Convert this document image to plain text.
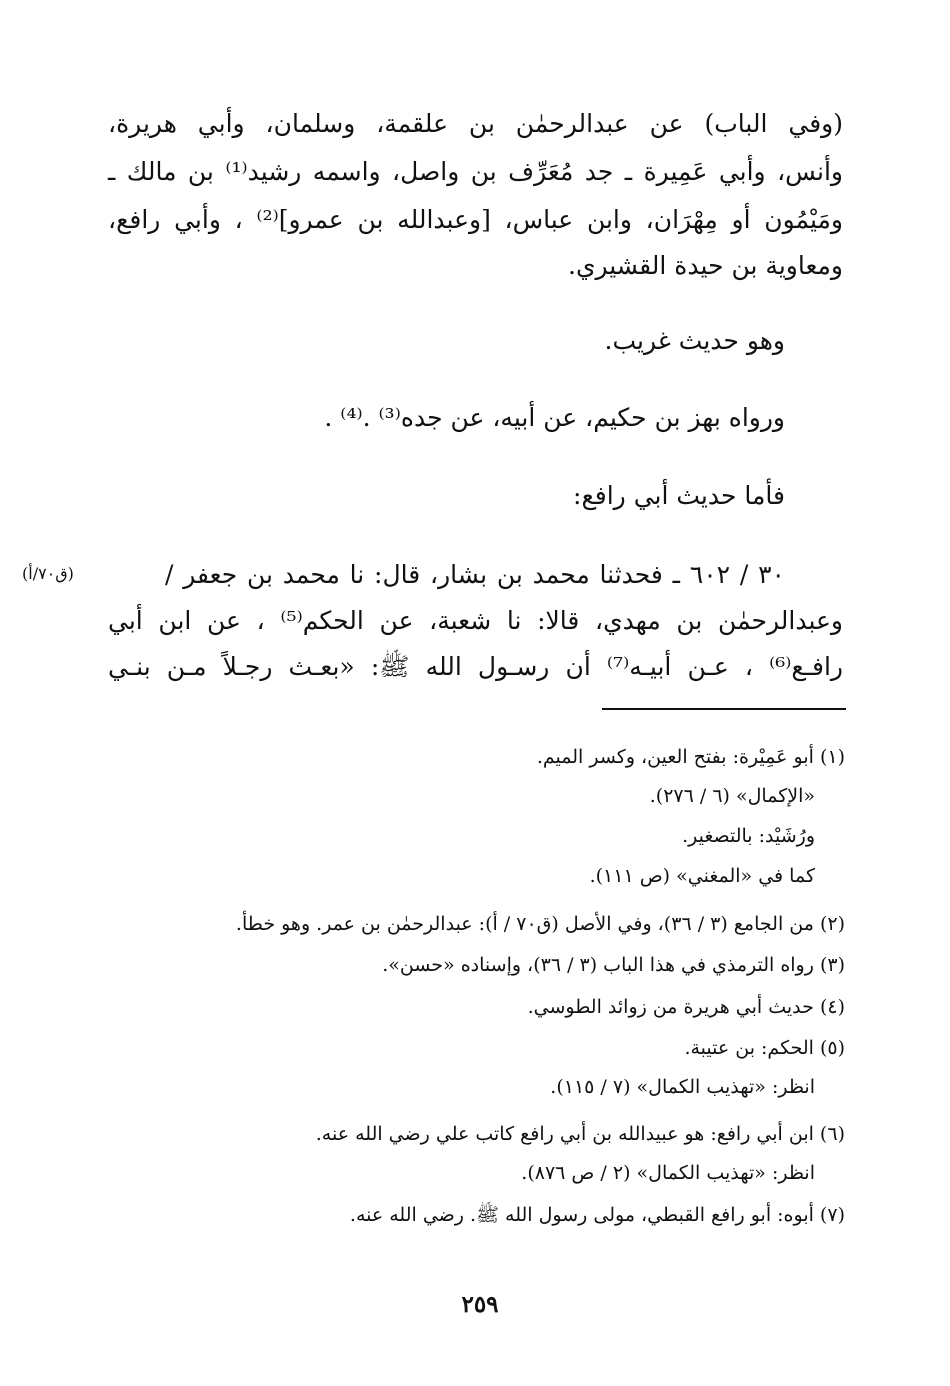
(وفي الباب) عن عبدالرحمٰن بن علقمة، وسلمان، وأبي هريرة،
وأنس، وأبي عَمِيرة ـ جد مُعَرِّف بن واصل، واسمه رشيد⁽¹⁾ بن مالك ـ
ومَيْمُون أو مِهْرَان، وابن عباس، [وعبدالله بن عمرو]⁽²⁾ ، وأبي رافع،
ومعاوية بن حيدة القشيري.
وهو حديث غريب.
ورواه بهز بن حكيم، عن أبيه، عن جده⁽³⁾ .⁽⁴⁾ .
فأما حديث أبي رافع:
٣٠ / ٦٠٢ ـ فحدثنا محمد بن بشار، قال: نا محمد بن جعفر /
(ق٧٠/أ)
وعبدالرحمٰن بن مهدي، قالا: نا شعبة، عن الحكم⁽⁵⁾ ، عن ابن أبي
رافـع⁽⁶⁾ ، عـن أبيـه⁽⁷⁾ أن رسـول الله ﷺ: «بعـث رجـلاً مـن بنـي
(١) أبو عَمِيْرة: بفتح العين، وكسر الميم.
«الإكمال» (٦ / ٢٧٦).
ورُشَيْد: بالتصغير.
كما في «المغني» (ص ١١١).
(٢) من الجامع (٣ / ٣٦)، وفي الأصل (ق٧٠ / أ): عبدالرحمٰن بن عمر. وهو خطأ.
(٣) رواه الترمذي في هذا الباب (٣ / ٣٦)، وإسناده «حسن».
(٤) حديث أبي هريرة من زوائد الطوسي.
(٥) الحكم: بن عتيبة.
انظر: «تهذيب الكمال» (٧ / ١١٥).
(٦) ابن أبي رافع: هو عبيدالله بن أبي رافع كاتب علي رضي الله عنه.
انظر: «تهذيب الكمال» (٢ / ص ٨٧٦).
(٧) أبوه: أبو رافع القبطي، مولى رسول الله ﷺ. رضي الله عنه.
٢٥٩
